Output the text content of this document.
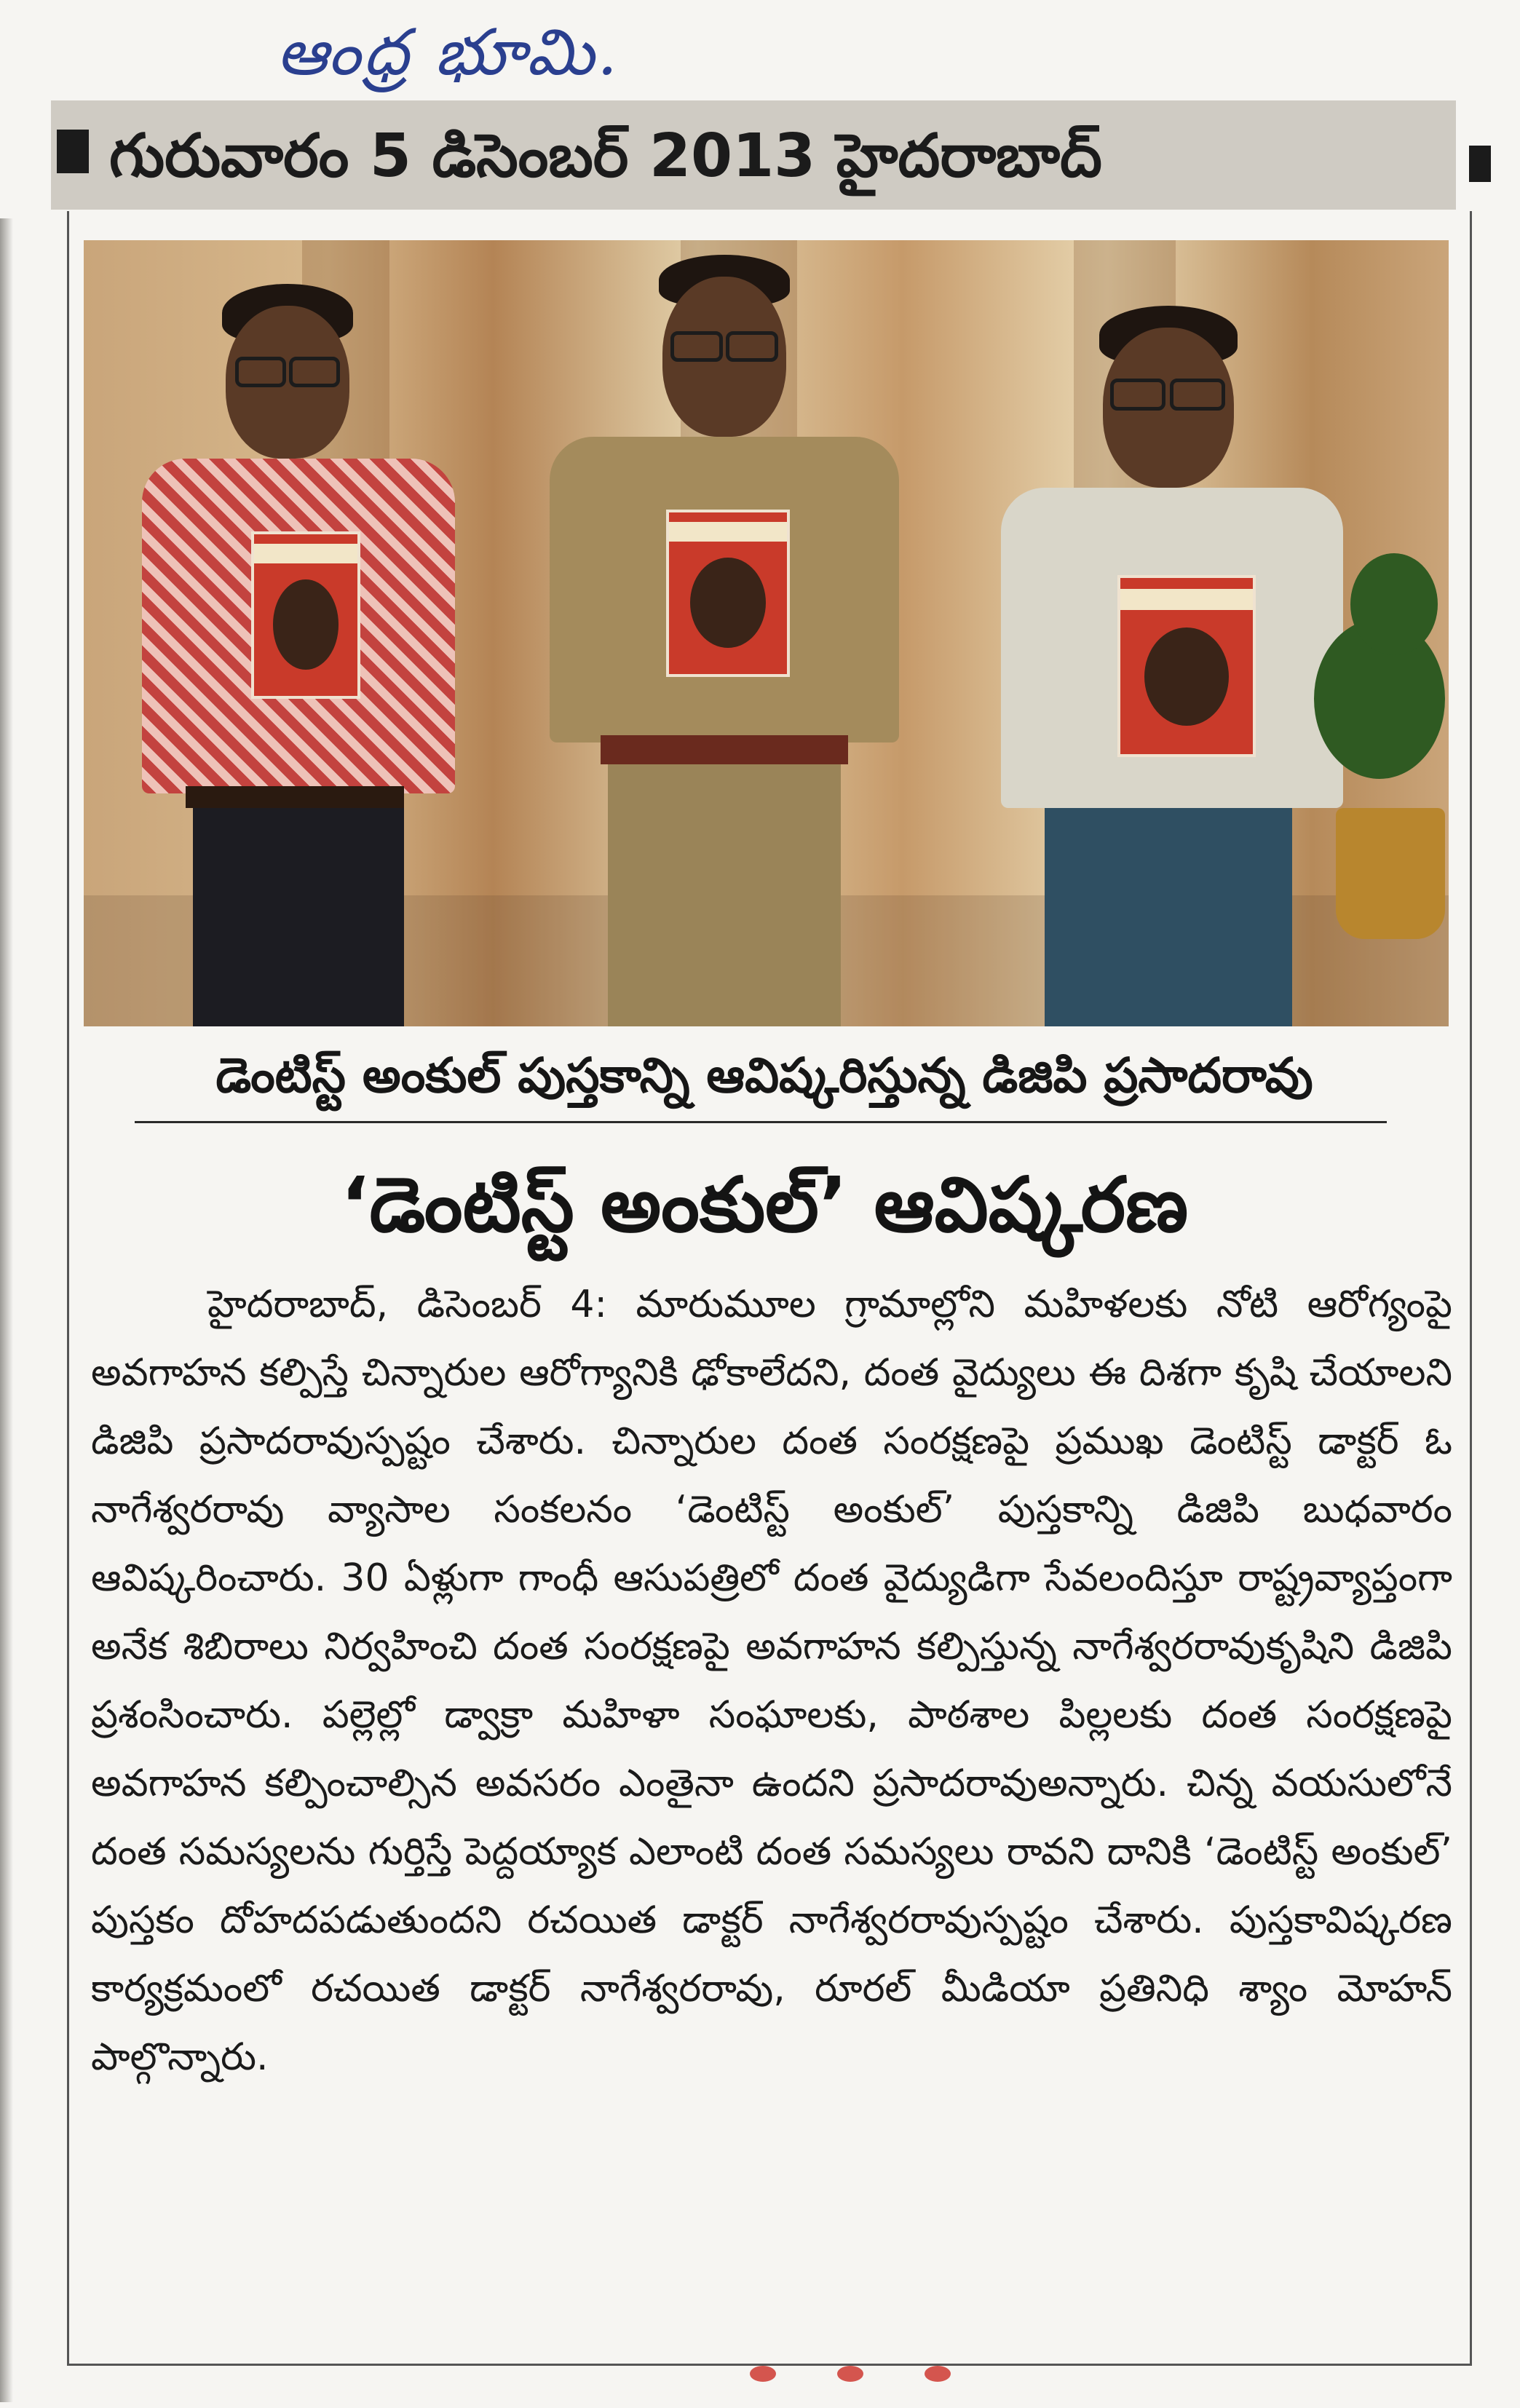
ఆంధ్ర భూమి.
గురువారం 5 డిసెంబర్ 2013 హైదరాబాద్
డెంటిస్ట్ అంకుల్ పుస్తకాన్ని ఆవిష్కరిస్తున్న డిజిపి ప్రసాదరావు
‘డెంటిస్ట్ అంకుల్’ ఆవిష్కరణ
హైదరాబాద్, డిసెంబర్ 4: మారుమూల గ్రామాల్లోని మహిళలకు నోటి ఆరోగ్యంపై అవగాహన కల్పిస్తే చిన్నారుల ఆరోగ్యానికి ఢోకాలేదని, దంత వైద్యులు ఈ దిశగా కృషి చేయాలని డిజిపి ప్రసాదరావుస్పష్టం చేశారు. చిన్నారుల దంత సంరక్షణపై ప్రముఖ డెంటిస్ట్ డాక్టర్ ఓ నాగేశ్వరరావు వ్యాసాల సంకలనం ‘డెంటిస్ట్ అంకుల్’ పుస్తకాన్ని డిజిపి బుధవారం ఆవిష్కరించారు. 30 ఏళ్లుగా గాంధీ ఆసుపత్రిలో దంత వైద్యుడిగా సేవలందిస్తూ రాష్ట్రవ్యాప్తంగా అనేక శిబిరాలు నిర్వహించి దంత సంరక్షణపై అవగాహన కల్పిస్తున్న నాగేశ్వరరావుకృషిని డిజిపి ప్రశంసించారు. పల్లెల్లో డ్వాక్రా మహిళా సంఘాలకు, పాఠశాల పిల్లలకు దంత సంరక్షణపై అవగాహన కల్పించాల్సిన అవసరం ఎంతైనా ఉందని ప్రసాదరావుఅన్నారు. చిన్న వయసులోనే దంత సమస్యలను గుర్తిస్తే పెద్దయ్యాక ఎలాంటి దంత సమస్యలు రావని దానికి ‘డెంటిస్ట్ అంకుల్’ పుస్తకం దోహదపడుతుందని రచయిత డాక్టర్ నాగేశ్వరరావుస్పష్టం చేశారు. పుస్తకావిష్కరణ కార్యక్రమంలో రచయిత డాక్టర్ నాగేశ్వరరావు, రూరల్ మీడియా ప్రతినిధి శ్యాం మోహన్ పాల్గొన్నారు.
